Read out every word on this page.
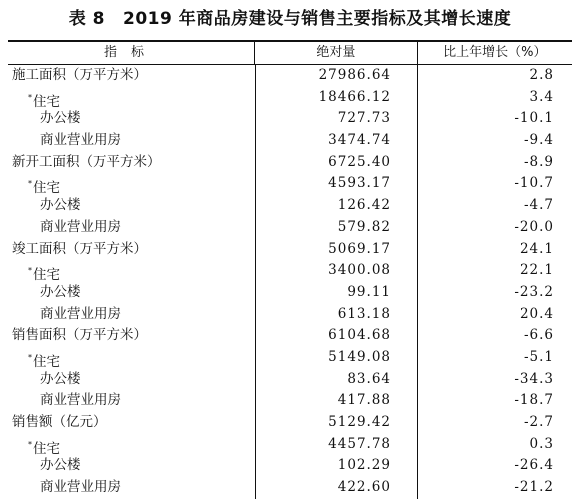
表 8 2019 年商品房建设与销售主要指标及其增长速度
指标	绝对量	比上年增长（%）
施工面积（万平方米）	27986.64	2.8
*住宅	18466.12	3.4
办公楼	727.73	-10.1
商业营业用房	3474.74	-9.4
新开工面积（万平方米）	6725.40	-8.9
*住宅	4593.17	-10.7
办公楼	126.42	-4.7
商业营业用房	579.82	-20.0
竣工面积（万平方米）	5069.17	24.1
*住宅	3400.08	22.1
办公楼	99.11	-23.2
商业营业用房	613.18	20.4
销售面积（万平方米）	6104.68	-6.6
*住宅	5149.08	-5.1
办公楼	83.64	-34.3
商业营业用房	417.88	-18.7
销售额（亿元）	5129.42	-2.7
*住宅	4457.78	0.3
办公楼	102.29	-26.4
商业营业用房	422.60	-21.2
